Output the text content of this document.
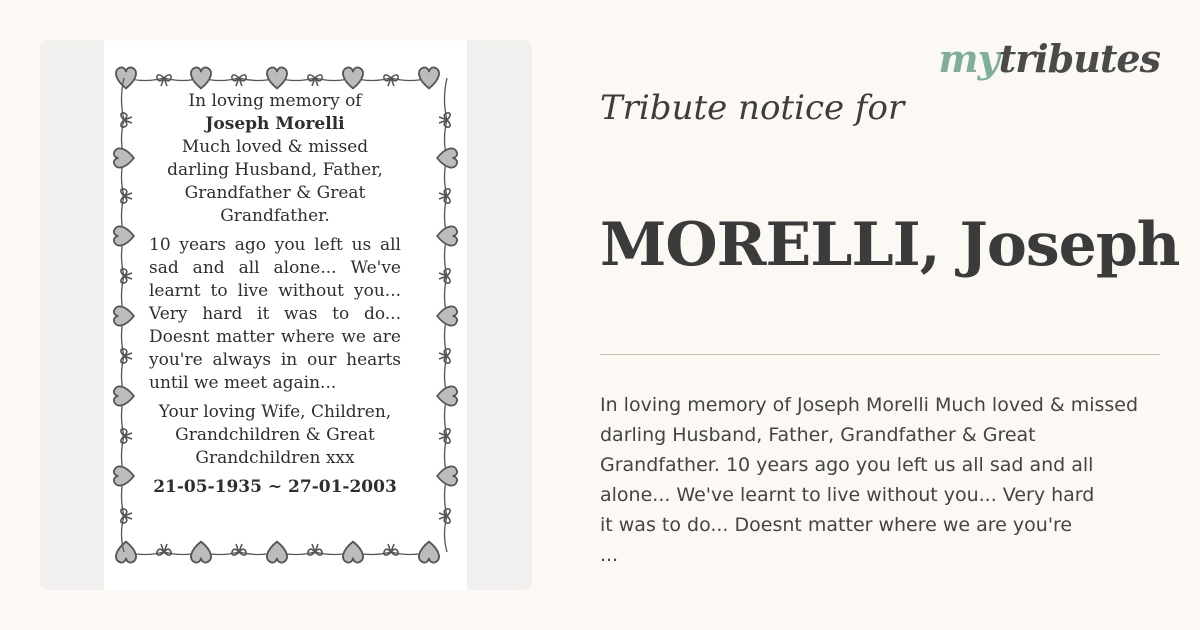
In loving memory of
Joseph Morelli
Much loved & missed darling Husband, Father, Grandfather & Great Grandfather.
10 years ago you left us all sad and all alone... We've learnt to live without you... Very hard it was to do... Doesnt matter where we are you're always in our hearts until we meet again...
Your loving Wife, Children, Grandchildren & Great Grandchildren xxx
21-05-1935 ~ 27-01-2003
mytributes
Tribute notice for
MORELLI, Joseph

In loving memory of Joseph Morelli Much loved & missed

darling Husband, Father, Grandfather & Great

Grandfather. 10 years ago you left us all sad and all

alone... We've learnt to live without you... Very hard

it was to do... Doesnt matter where we are you're

...
